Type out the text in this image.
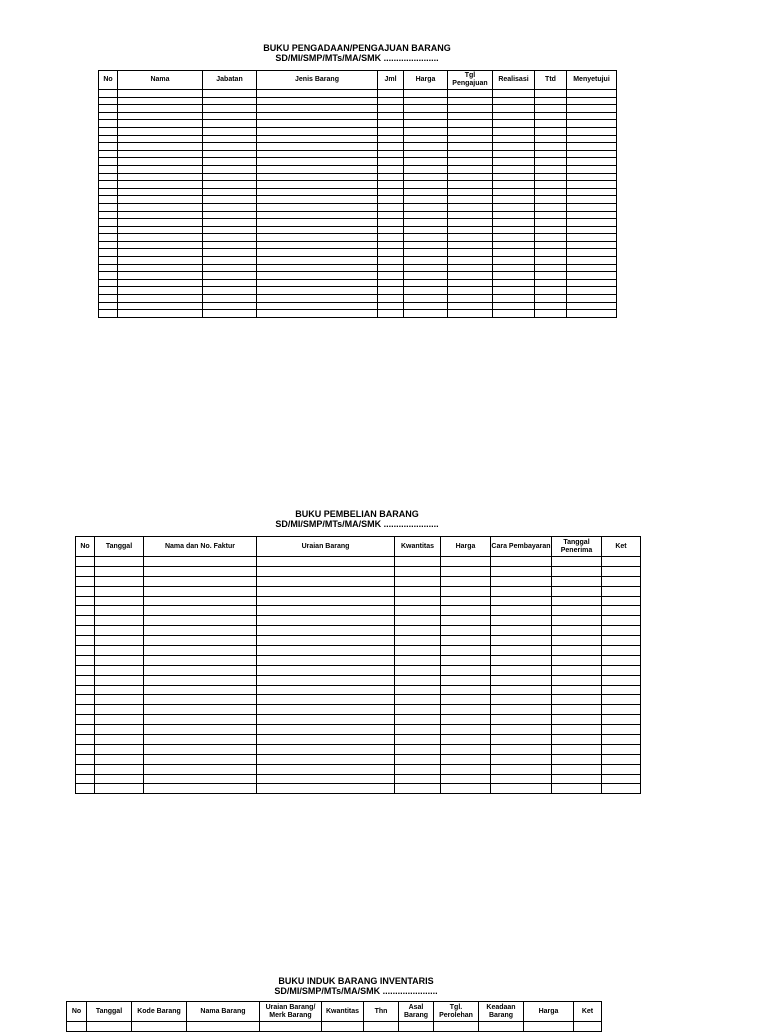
BUKU PENGADAAN/PENGAJUAN BARANG
SD/MI/SMP/MTs/MA/SMK ......................
No	Nama	Jabatan	Jenis Barang	Jml	Harga	Tgl Pengajuan	Realisasi	Ttd	Menyetujui

BUKU PEMBELIAN BARANG
SD/MI/SMP/MTs/MA/SMK ......................
No	Tanggal	Nama dan No. Faktur	Uraian Barang	Kwantitas	Harga	Cara Pembayaran	Tanggal Penerima	Ket

BUKU INDUK BARANG INVENTARIS
SD/MI/SMP/MTs/MA/SMK ......................
No	Tanggal	Kode Barang	Nama Barang	Uraian Barang/ Merk Barang	Kwantitas	Thn	Asal Barang	Tgl. Perolehan	Keadaan Barang	Harga	Ket
